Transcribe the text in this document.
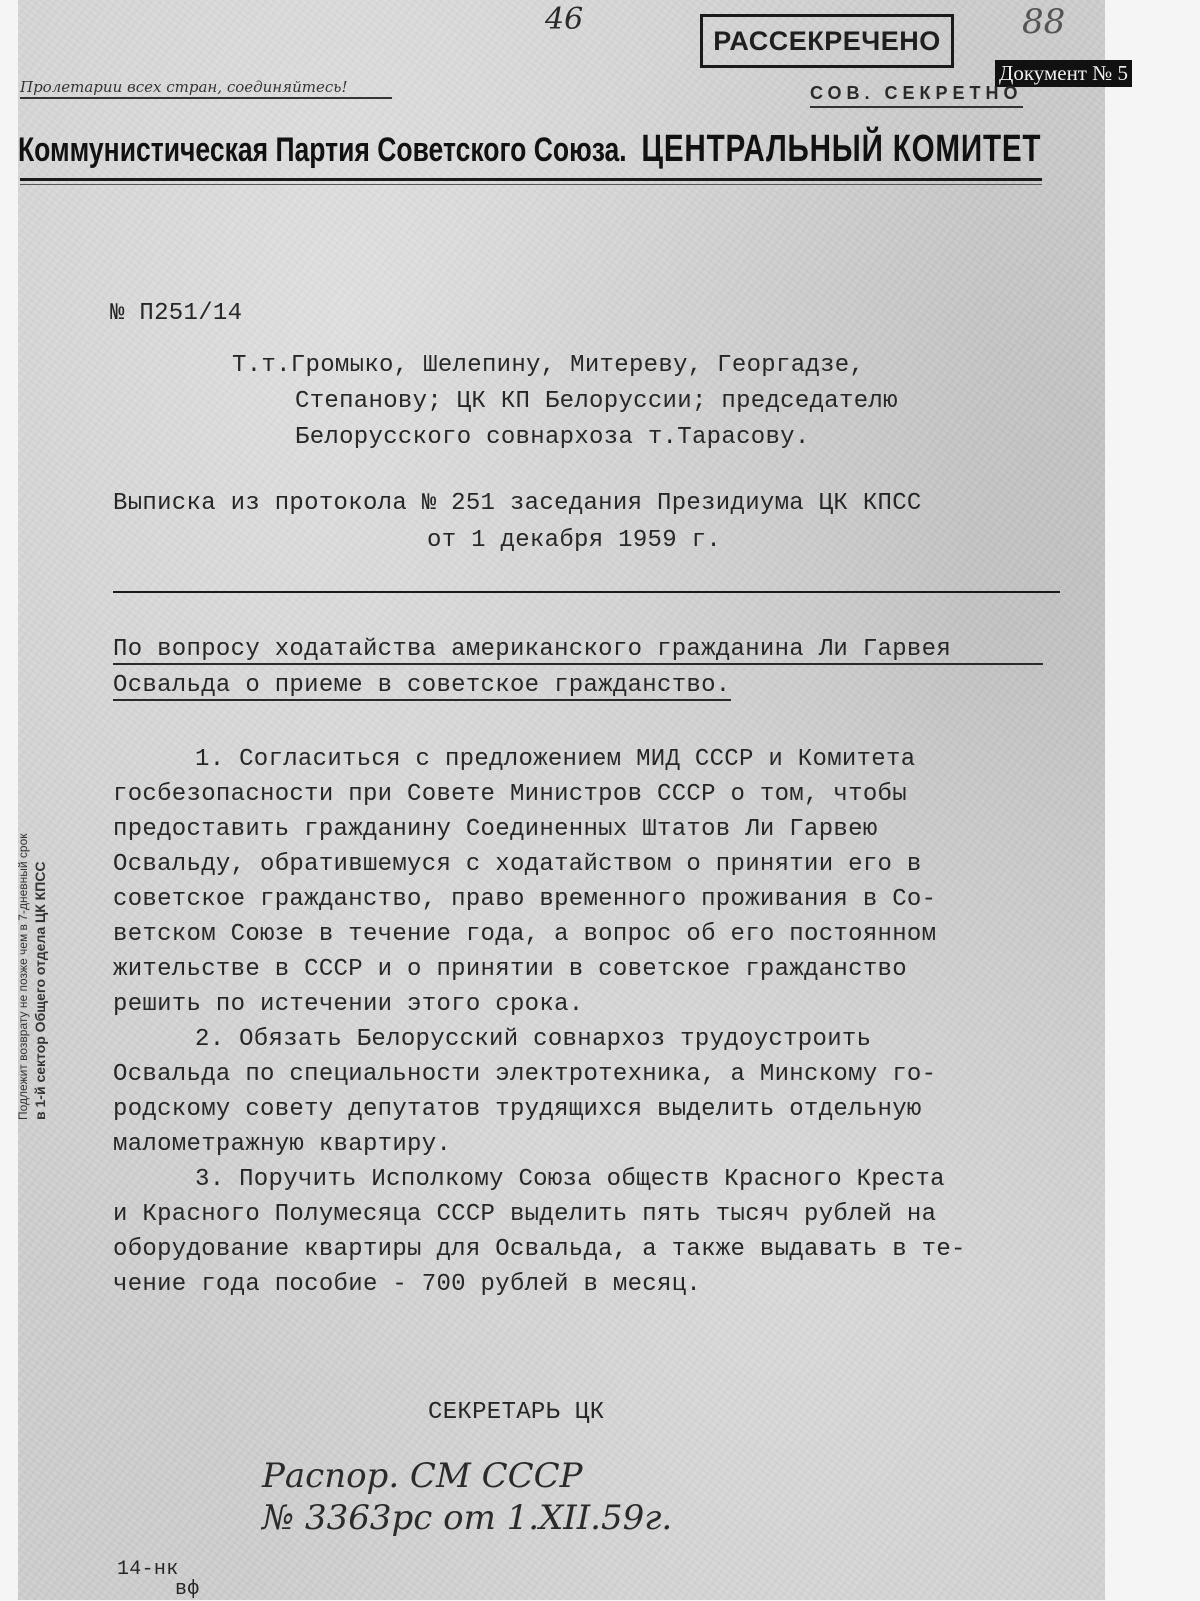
46	88
РАССЕКРЕЧЕНО
Документ № 5
Пролетарии всех стран, соединяйтесь!	СОВ. СЕКРЕТНО
Коммунистическая Партия Советского Союза. ЦЕНТРАЛЬНЫЙ КОМИТЕТ
№ П251/14
Т.т.Громыко, Шелепину, Митереву, Георгадзе,
Степанову; ЦК КП Белоруссии; председателю
Белорусского совнархоза т.Тарасову.
Выписка из протокола № 251 заседания Президиума ЦК КПСС
от 1 декабря 1959 г.
По вопросу ходатайства американского гражданина Ли Гарвея
Освальда о приеме в советское гражданство.
1. Согласиться с предложением МИД СССР и Комитета
госбезопасности при Совете Министров СССР о том, чтобы
предоставить гражданину Соединенных Штатов Ли Гарвею
Освальду, обратившемуся с ходатайством о принятии его в
советское гражданство, право временного проживания в Со-
ветском Союзе в течение года, а вопрос об его постоянном
жительстве в СССР и о принятии в советское гражданство
решить по истечении этого срока.
2. Обязать Белорусский совнархоз трудоустроить
Освальда по специальности электротехника, а Минскому го-
родскому совету депутатов трудящихся выделить отдельную
малометражную квартиру.
3. Поручить Исполкому Союза обществ Красного Креста
и Красного Полумесяца СССР выделить пять тысяч рублей на
оборудование квартиры для Освальда, а также выдавать в те-
чение года пособие - 700 рублей в месяц.
СЕКРЕТАРЬ ЦК
Распор. СМ СССР
№ 3363рс от 1.XII.59г.
14-нк
вф
Подлежит возврату не позже чем в 7-дневный срок в 1-й сектор Общего отдела ЦК КПСС
